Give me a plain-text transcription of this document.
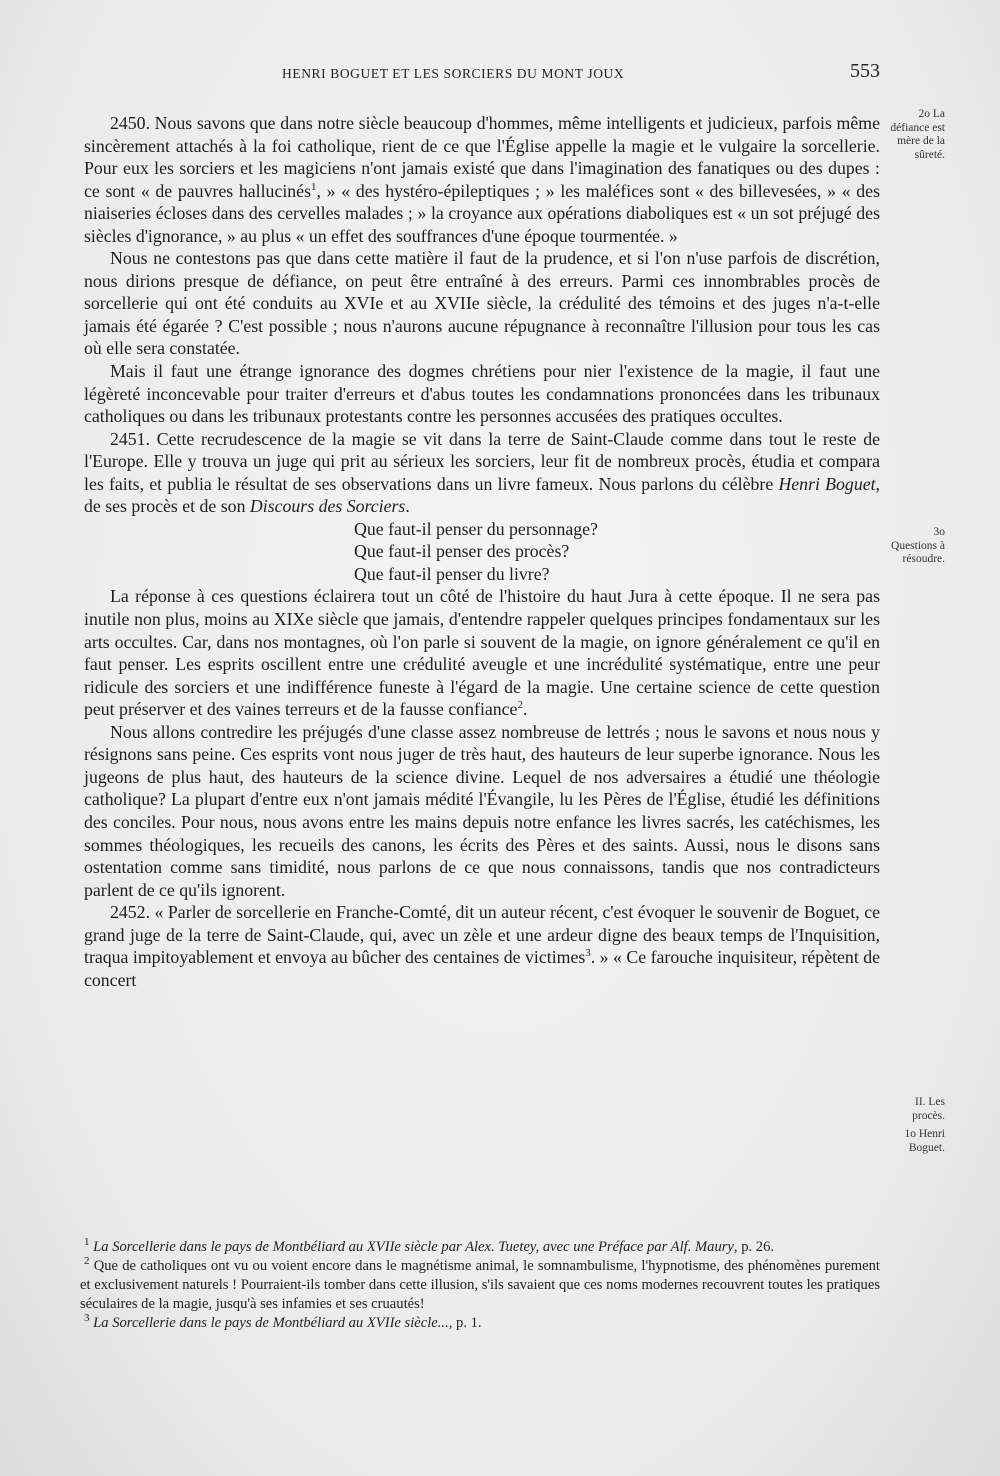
HENRI BOGUET ET LES SORCIERS DU MONT JOUX	553

2450. Nous savons que dans notre siècle beaucoup d'hommes, même intelligents et judicieux, parfois même sincèrement attachés à la foi catholique, rient de ce que l'Église appelle la magie et le vulgaire la sorcellerie. Pour eux les sorciers et les magiciens n'ont jamais existé que dans l'imagination des fanatiques ou des dupes : ce sont « de pauvres hallucinés$^1$, » « des hystéro-épileptiques ; » les maléfices sont « des billevesées, » « des niaiseries écloses dans des cervelles malades ; » la croyance aux opérations diaboliques est « un sot préjugé des siècles d'ignorance, » au plus « un effet des souffrances d'une époque tourmentée. »

Nous ne contestons pas que dans cette matière il faut de la prudence, et si l'on n'use parfois de discrétion, nous dirions presque de défiance, on peut être entraîné à des erreurs. Parmi ces innombrables procès de sorcellerie qui ont été conduits au XVIe et au XVIIe siècle, la crédulité des témoins et des juges n'a-t-elle jamais été égarée ? C'est possible ; nous n'aurons aucune répugnance à reconnaître l'illusion pour tous les cas où elle sera constatée.

Mais il faut une étrange ignorance des dogmes chrétiens pour nier l'existence de la magie, il faut une légèreté inconcevable pour traiter d'erreurs et d'abus toutes les condamnations prononcées dans les tribunaux catholiques ou dans les tribunaux protestants contre les personnes accusées des pratiques occultes.

2451. Cette recrudescence de la magie se vit dans la terre de Saint-Claude comme dans tout le reste de l'Europe. Elle y trouva un juge qui prit au sérieux les sorciers, leur fit de nombreux procès, étudia et compara les faits, et publia le résultat de ses observations dans un livre fameux. Nous parlons du célèbre Henri Boguet, de ses procès et de son Discours des Sorciers.

Que faut-il penser du personnage?

Que faut-il penser des procès?

Que faut-il penser du livre?

La réponse à ces questions éclairera tout un côté de l'histoire du haut Jura à cette époque. Il ne sera pas inutile non plus, moins au XIXe siècle que jamais, d'entendre rappeler quelques principes fondamentaux sur les arts occultes. Car, dans nos montagnes, où l'on parle si souvent de la magie, on ignore généralement ce qu'il en faut penser. Les esprits oscillent entre une crédulité aveugle et une incrédulité systématique, entre une peur ridicule des sorciers et une indifférence funeste à l'égard de la magie. Une certaine science de cette question peut préserver et des vaines terreurs et de la fausse confiance$^2$.

Nous allons contredire les préjugés d'une classe assez nombreuse de lettrés ; nous le savons et nous nous y résignons sans peine. Ces esprits vont nous juger de très haut, des hauteurs de leur superbe ignorance. Nous les jugeons de plus haut, des hauteurs de la science divine. Lequel de nos adversaires a étudié une théologie catholique? La plupart d'entre eux n'ont jamais médité l'Évangile, lu les Pères de l'Église, étudié les définitions des conciles. Pour nous, nous avons entre les mains depuis notre enfance les livres sacrés, les catéchismes, les sommes théologiques, les recueils des canons, les écrits des Pères et des saints. Aussi, nous le disons sans ostentation comme sans timidité, nous parlons de ce que nous connaissons, tandis que nos contradicteurs parlent de ce qu'ils ignorent.

2452. « Parler de sorcellerie en Franche-Comté, dit un auteur récent, c'est évoquer le souvenir de Boguet, ce grand juge de la terre de Saint-Claude, qui, avec un zèle et une ardeur digne des beaux temps de l'Inquisition, traqua impitoyablement et envoya au bûcher des centaines de victimes$^3$. » « Ce farouche inquisiteur, répètent de concert

2o La défiance est mère de la sûreté.
3o Questions à résoudre.
II. Les procès.
1o Henri Boguet.

$^1$ La Sorcellerie dans le pays de Montbéliard au XVIIe siècle par Alex. Tuetey, avec une Préface par Alf. Maury, p. 26.

$^2$ Que de catholiques ont vu ou voient encore dans le magnétisme animal, le somnambulisme, l'hypnotisme, des phénomènes purement et exclusivement naturels ! Pourraient-ils tomber dans cette illusion, s'ils savaient que ces noms modernes recouvrent toutes les pratiques séculaires de la magie, jusqu'à ses infamies et ses cruautés!

$^3$ La Sorcellerie dans le pays de Montbéliard au XVIIe siècle..., p. 1.
